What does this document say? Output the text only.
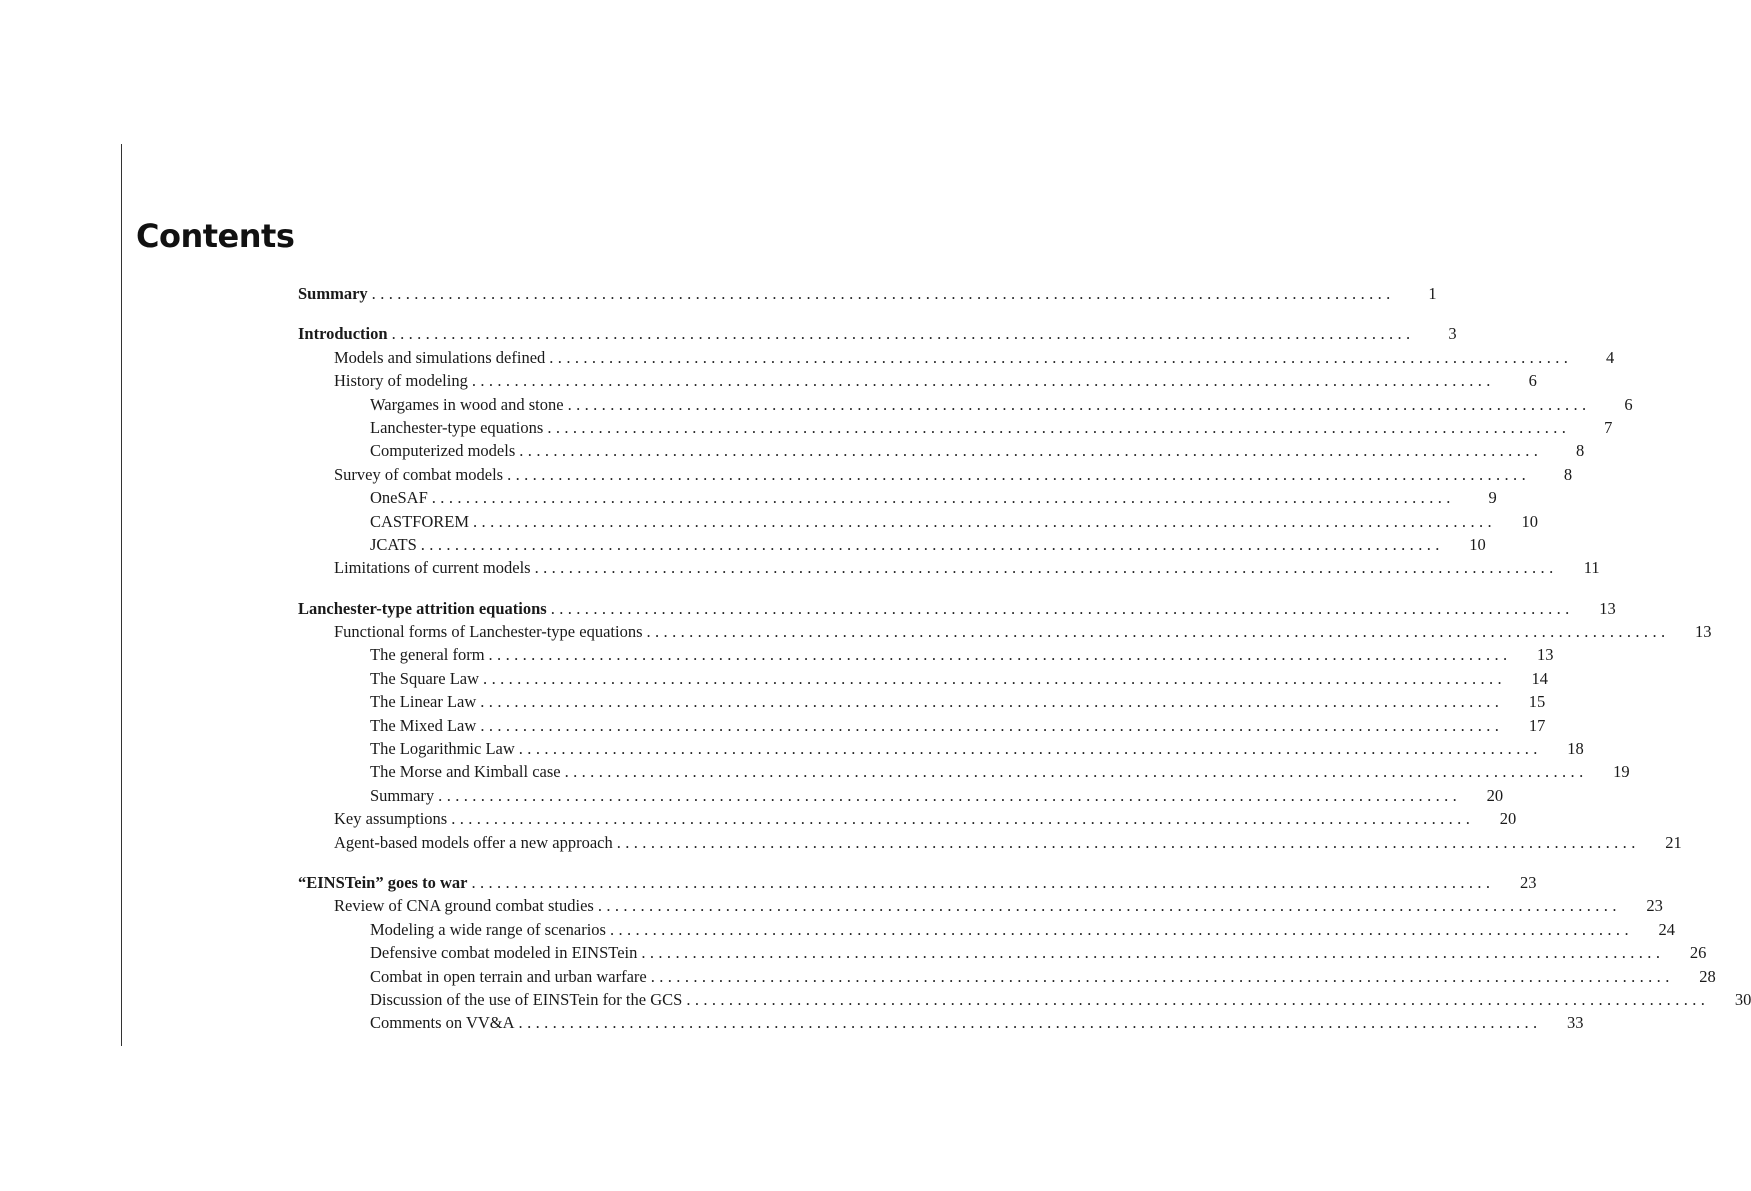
Contents
Summary ........................................................................................................................	1
Introduction ........................................................................................................................	3
Models and simulations defined ........................................................................................................................	4
History of modeling ........................................................................................................................	6
Wargames in wood and stone ........................................................................................................................	6
Lanchester-type equations ........................................................................................................................	7
Computerized models ........................................................................................................................	8
Survey of combat models ........................................................................................................................	8
OneSAF ........................................................................................................................	9
CASTFOREM ........................................................................................................................	10
JCATS ........................................................................................................................	10
Limitations of current models ........................................................................................................................	11
Lanchester-type attrition equations ........................................................................................................................	13
Functional forms of Lanchester-type equations ........................................................................................................................	13
The general form ........................................................................................................................	13
The Square Law ........................................................................................................................	14
The Linear Law ........................................................................................................................	15
The Mixed Law ........................................................................................................................	17
The Logarithmic Law ........................................................................................................................	18
The Morse and Kimball case ........................................................................................................................	19
Summary ........................................................................................................................	20
Key assumptions ........................................................................................................................	20
Agent-based models offer a new approach ........................................................................................................................	21
“EINSTein” goes to war ........................................................................................................................	23
Review of CNA ground combat studies ........................................................................................................................	23
Modeling a wide range of scenarios ........................................................................................................................	24
Defensive combat modeled in EINSTein ........................................................................................................................	26
Combat in open terrain and urban warfare ........................................................................................................................	28
Discussion of the use of EINSTein for the GCS ........................................................................................................................	30
Comments on VV&A ........................................................................................................................	33
